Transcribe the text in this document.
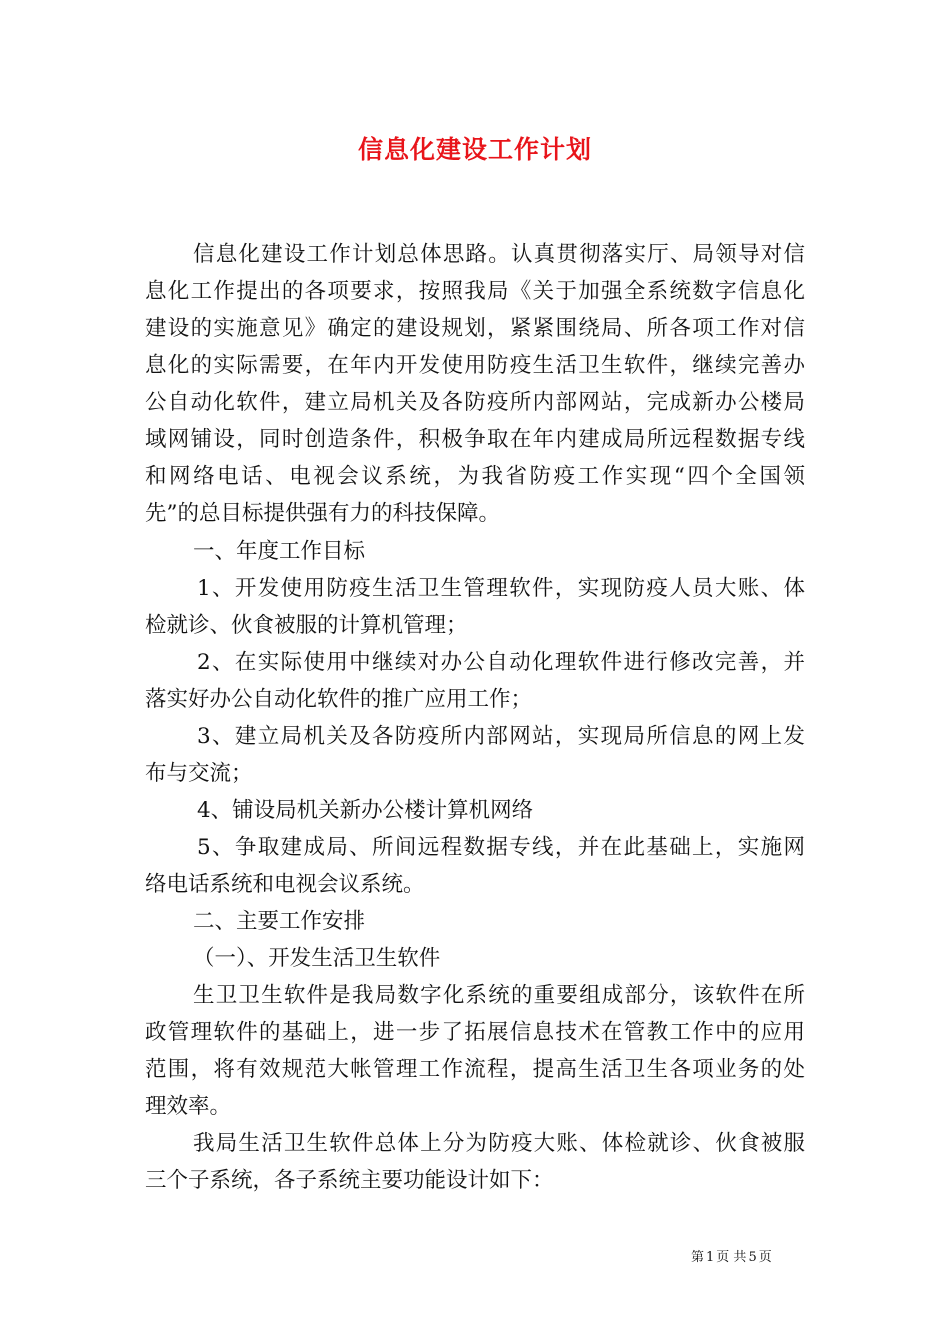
信息化建设工作计划
信息化建设工作计划总体思路。认真贯彻落实厅、局领导对信
息化工作提出的各项要求，按照我局《关于加强全系统数字信息化
建设的实施意见》确定的建设规划，紧紧围绕局、所各项工作对信
息化的实际需要，在年内开发使用防疫生活卫生软件，继续完善办
公自动化软件，建立局机关及各防疫所内部网站，完成新办公楼局
域网铺设，同时创造条件，积极争取在年内建成局所远程数据专线
和网络电话、电视会议系统，为我省防疫工作实现“四个全国领
先”的总目标提供强有力的科技保障。
一、年度工作目标
1、开发使用防疫生活卫生管理软件，实现防疫人员大账、体
检就诊、伙食被服的计算机管理；
2、在实际使用中继续对办公自动化理软件进行修改完善，并
落实好办公自动化软件的推广应用工作；
3、建立局机关及各防疫所内部网站，实现局所信息的网上发
布与交流；
4、铺设局机关新办公楼计算机网络
5、争取建成局、所间远程数据专线，并在此基础上，实施网
络电话系统和电视会议系统。
二、主要工作安排
（一）、开发生活卫生软件
生卫卫生软件是我局数字化系统的重要组成部分，该软件在所
政管理软件的基础上，进一步了拓展信息技术在管教工作中的应用
范围，将有效规范大帐管理工作流程，提高生活卫生各项业务的处
理效率。
我局生活卫生软件总体上分为防疫大账、体检就诊、伙食被服
三个子系统，各子系统主要功能设计如下：
第 1 页 共 5 页
